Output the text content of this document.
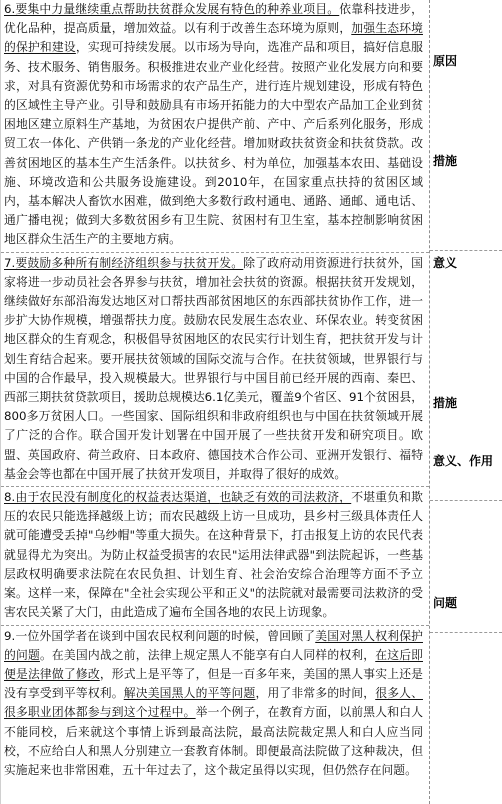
6.要集中力量继续重点帮助扶贫群众发展有特色的种养业项目。依靠科技进步，优化品种，提高质量，增加效益。以有利于改善生态环境为原则，加强生态环境的保护和建设，实现可持续发展。以市场为导向，选准产品和项目，搞好信息服务、技术服务、销售服务。积极推进农业产业化经营。按照产业化发展方向和要求，对具有资源优势和市场需求的农产品生产，进行连片规划建设，形成有特色的区域性主导产业。引导和鼓励具有市场开拓能力的大中型农产品加工企业到贫困地区建立原料生产基地，为贫困农户提供产前、产中、产后系列化服务，形成贸工农一体化、产供销一条龙的产业化经营。增加财政扶贫资金和扶贫贷款。改善贫困地区的基本生产生活条件。以扶贫乡、村为单位，加强基本农田、基础设施、环境改造和公共服务设施建设。到2010年，在国家重点扶持的贫困区域内，基本解决人畜饮水困难，做到绝大多数行政村通电、通路、通邮、通电话、通广播电视；做到大多数贫困乡有卫生院、贫困村有卫生室，基本控制影响贫困地区群众生活生产的主要地方病。

7.要鼓励多种所有制经济组织参与扶贫开发。除了政府动用资源进行扶贫外，国家将进一步动员社会各界参与扶贫，增加社会扶贫的资源。根据扶贫开发规划，继续做好东部沿海发达地区对口帮扶西部贫困地区的东西部扶贫协作工作，进一步扩大协作规模，增强帮扶力度。鼓励农民发展生态农业、环保农业。转变贫困地区群众的生育观念，积极倡导贫困地区的农民实行计划生育，把扶贫开发与计划生育结合起来。要开展扶贫领域的国际交流与合作。在扶贫领域，世界银行与中国的合作最早，投入规模最大。世界银行与中国目前已经开展的西南、秦巴、西部三期扶贫贷款项目，援助总规模达6.1亿美元，覆盖9个省区、91个贫困县，800多万贫困人口。一些国家、国际组织和非政府组织也与中国在扶贫领域开展了广泛的合作。联合国开发计划署在中国开展了一些扶贫开发和研究项目。欧盟、英国政府、荷兰政府、日本政府、德国技术合作公司、亚洲开发银行、福特基金会等也都在中国开展了扶贫开发项目，并取得了很好的成效。

8.由于农民没有制度化的权益表达渠道，也缺乏有效的司法救济，不堪重负和欺压的农民只能选择越级上访；而农民越级上访一旦成功，县乡村三级具体责任人就可能遭受丢掉"乌纱帽"等重大损失。在这种背景下，打击报复上访的农民代表就显得尤为突出。为防止权益受损害的农民"运用法律武器"到法院起诉，一些基层政权明确要求法院在农民负担、计划生育、社会治安综合治理等方面不予立案。这样一来，保障在"全社会实现公平和正义"的法院就对最需要司法救济的受害农民关紧了大门，由此造成了遍布全国各地的农民上访现象。

9.一位外国学者在谈到中国农民权利问题的时候，曾回顾了美国对黑人权利保护的问题。在美国内战之前，法律上规定黑人不能享有白人同样的权利，在这后即便是法律做了修改，形式上是平等了，但是一百多年来，美国的黑人事实上还是没有享受到平等权利。解决美国黑人的平等问题，用了非常多的时间，很多人、很多职业团体都参与到这个过程中。举一个例子，在教育方面，以前黑人和白人不能同校，后来就这个事情上诉到最高法院，最高法院裁定黑人和白人应当同校，不应给白人和黑人分别建立一套教育体制。即便最高法院做了这种裁决，但实施起来也非常困难，五十年过去了，这个裁定虽得以实现，但仍然存在问题。

原因
措施
意义
措施
意义、作用
问题
